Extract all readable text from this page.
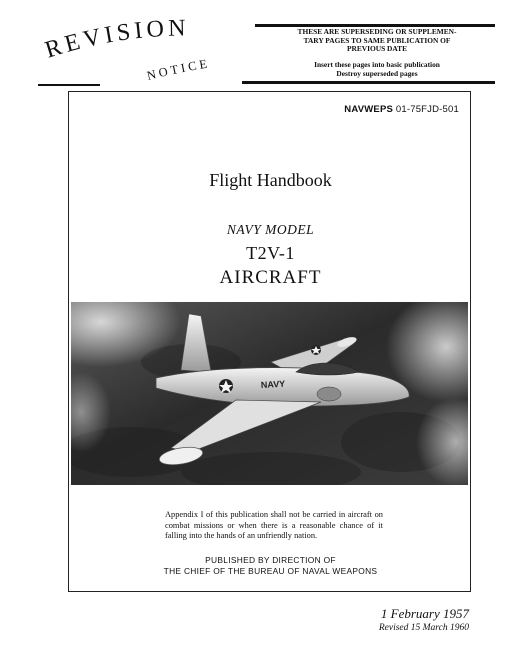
REVISION
NOTICE
THESE ARE SUPERSEDING OR SUPPLEMEN-
TARY PAGES TO SAME PUBLICATION OF
PREVIOUS DATE
Insert these pages into basic publication
Destroy superseded pages
NAVWEPS 01-75FJD-501
Flight Handbook
NAVY MODEL
T2V-1
AIRCRAFT
NAVY
Appendix I of this publication shall not be carried in aircraft on combat missions or when there is a reasonable chance of it falling into the hands of an unfriendly nation.
PUBLISHED BY DIRECTION OF
THE CHIEF OF THE BUREAU OF NAVAL WEAPONS
1 February 1957
Revised 15 March 1960
